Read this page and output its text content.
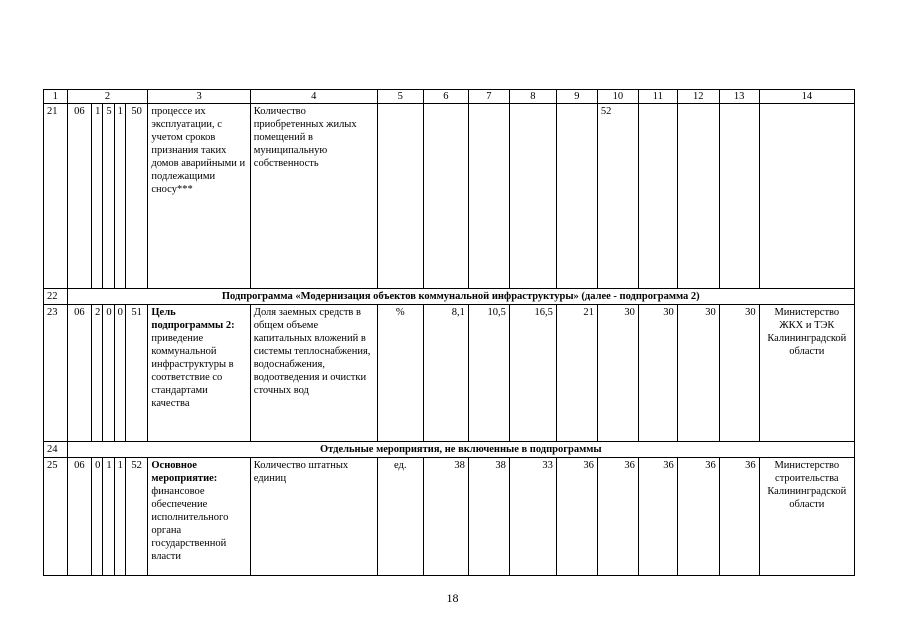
1	2					3	4	5	6	7	8	9	10	11	12	13	14
21	06	1	5	1	50	процессе их эксплуатации, с учетом сроков признания таких домов аварийными и подлежащими сносу***	Количество приобретенных жилых помещений в муниципальную собственность						52				
22	Подпрограмма «Модернизация объектов коммунальной инфраструктуры» (далее - подпрограмма 2)																
23	06	2	0	0	51	Цель подпрограммы 2: приведение коммунальной инфраструктуры в соответствие со стандартами качества	Доля заемных средств в общем объеме капитальных вложений в системы теплоснабжения, водоснабжения, водоотведения и очистки сточных вод	%	8,1	10,5	16,5	21	30	30	30	30	Министерство ЖКХ и ТЭК Калининградской области
24	Отдельные мероприятия, не включенные в подпрограммы																
25	06	0	1	1	52	Основное мероприятие: финансовое обеспечение исполнительного органа государственной власти	Количество штатных единиц	ед.	38	38	33	36	36	36	36	36	Министерство строительства Калининградской области
18
